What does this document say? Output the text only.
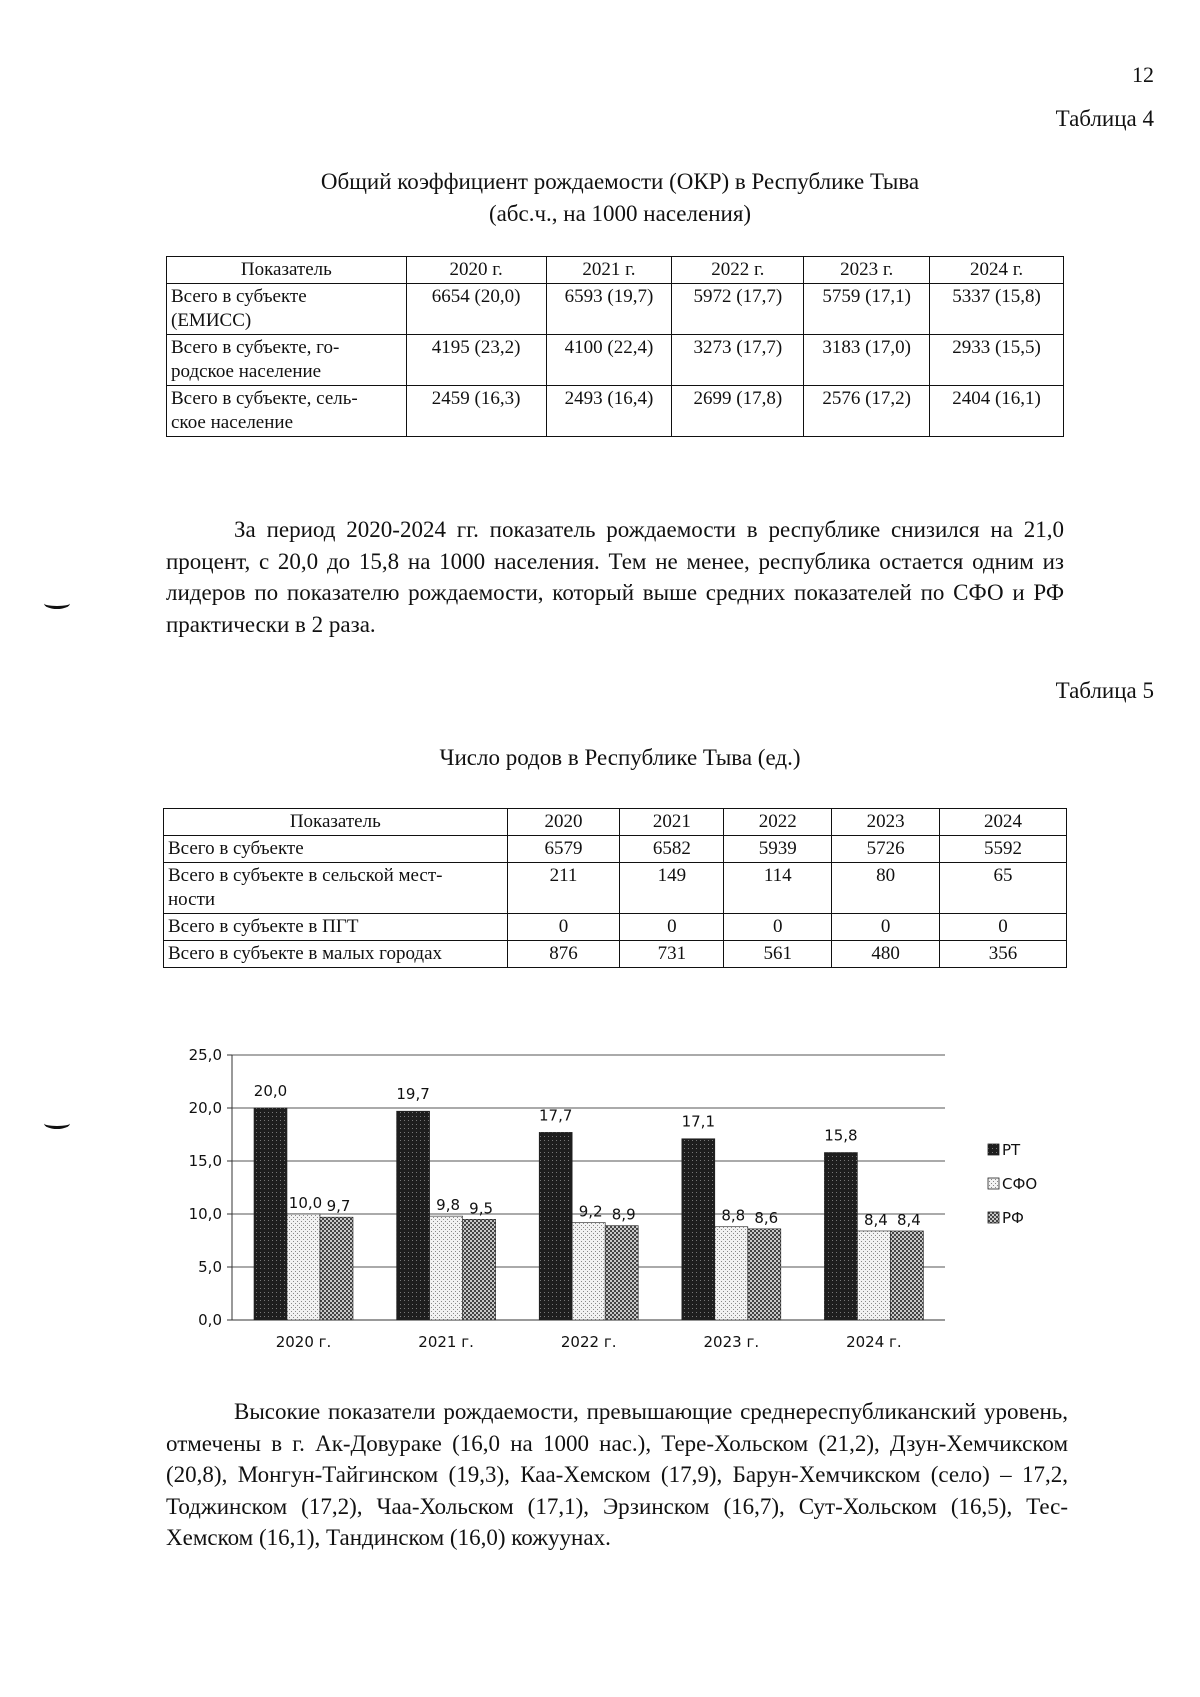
12
Таблица 4
Общий коэффициент рождаемости (ОКР) в Республике Тыва
(абс.ч., на 1000 населения)
Показатель	2020 г.	2021 г.	2022 г.	2023 г.	2024 г.

Всего в субъекте
(ЕМИСС)	6654 (20,0)	6593 (19,7)	5972 (17,7)	5759 (17,1)	5337 (15,8)

Всего в субъекте, го-
родское население	4195 (23,2)	4100 (22,4)	3273 (17,7)	3183 (17,0)	2933 (15,5)

Всего в субъекте, сель-
ское население	2459 (16,3)	2493 (16,4)	2699 (17,8)	2576 (17,2)	2404 (16,1)
За период 2020-2024 гг. показатель рождаемости в республике снизился на 21,0 процент, с 20,0 до 15,8 на 1000 населения. Тем не менее, республика остается одним из лидеров по показателю рождаемости, который выше средних показателей по СФО и РФ практически в 2 раза.
Таблица 5
Число родов в Республике Тыва (ед.)
Показатель	2020	2021	2022	2023	2024

Всего в субъекте	6579	6582	5939	5726	5592

Всего в субъекте в сельской мест-
ности	211	149	114	80	65

Всего в субъекте в ПГТ	0	0	0	0	0

Всего в субъекте в малых городах	876	731	561	480	356
0,0
5,0
10,0
15,0
20,0
25,0
20,0
10,0 9,7
2020 г.
19,7
9,8 9,5
2021 г.
17,7
9,2 8,9
2022 г.
17,1
8,8 8,6
2023 г.
15,8
8,4 8,4
2024 г.
РТ
СФО
РФ
Высокие показатели рождаемости, превышающие среднереспубликанский уровень, отмечены в г. Ак-Довураке (16,0 на 1000 нас.), Тере-Хольском (21,2), Дзун-Хемчикском (20,8), Монгун-Тайгинском (19,3), Каа-Хемском (17,9), Барун-Хемчикском (село) – 17,2, Тоджинском (17,2), Чаа-Хольском (17,1), Эрзинском (16,7), Сут-Хольском (16,5), Тес-Хемском (16,1), Тандинском (16,0) кожуунах.
